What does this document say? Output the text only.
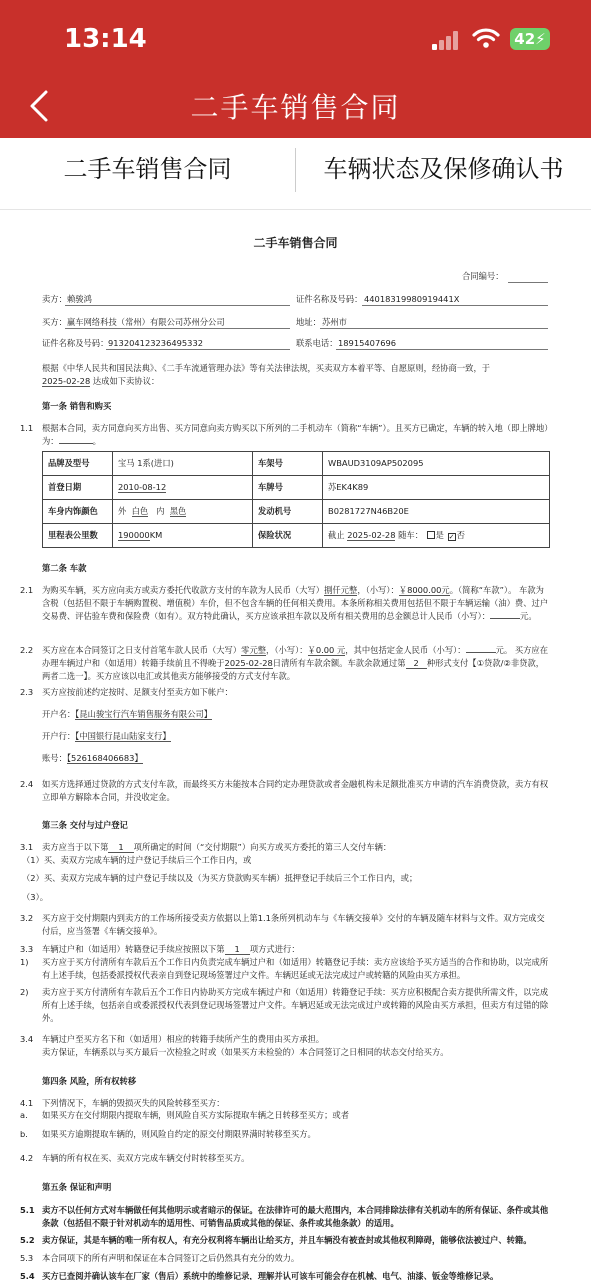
13:14	42⚡
二手车销售合同
二手车销售合同	车辆状态及保修确认书
二手车销售合同
合同编号：
卖方： 赖骏鸿	证件名称及号码： 44018319980919441X
买方： 赢车网络科技（常州）有限公司苏州分公司	地址： 苏州市
证件名称及号码： 913204123236495332	联系电话： 18915407696
根据《中华人民共和国民法典》、《二手车流通管理办法》等有关法律法规，买卖双方本着平等、自愿原则，经协商一致，于
2025-02-28 达成如下卖协议：
第一条 销售和购买
1.1 根据本合同，卖方同意向买方出售、买方同意向卖方购买以下所列的二手机动车（简称“车辆”）。且买方已确定，车辆的转入地（即上牌地）为：	。
品牌及型号	宝马 1系(进口)	车架号	WBAUD3109AP502095
首登日期	2010-08-12	车牌号	苏EK4K89
车身内饰颜色	外 白色 内 黑色	发动机号	B0281727N46B20E
里程表公里数	190000KM	保险状况	截止 2025-02-28 随车： 是 ✓ 否
第二条 车款
2.1 为购买车辆，买方应向卖方或卖方委托代收款方支付的车款为人民币（大写）捌仟元整，（小写）：￥8000.00元。（简称“车款”）。 车款为含税（包括但不限于车辆购置税、增值税）车价，但不包含车辆的任何相关费用。本条所称相关费用包括但不限于车辆运输（油）费、过户交易费、评估验车费和保险费（如有）。双方特此确认，买方应该承担车款以及所有相关费用的总金额总计人民币（小写）：	元。
2.2 买方应在本合同签订之日支付首笔车款人民币（大写）零元整，（小写）：￥0.00 元，其中包括定金人民币（小写）：	元。 买方应在办理车辆过户和（如适用）转籍手续前且不得晚于2025-02-28日清所有车款余额。车款余款通过第 2 种形式支付【①贷款/②非贷款，两者二选一】。买方应该以电汇或其他卖方能够接受的方式支付车款。
2.3 买方应按前述约定按时、足额支付至卖方如下帐户：
开户名：【昆山骏宝行汽车销售服务有限公司】
开户行：【中国银行昆山陆家支行】
账号：【526168406683】
2.4 如买方选择通过贷款的方式支付车款，而最终买方未能按本合同约定办理贷款或者金融机构未足额批准买方申请的汽车消费贷款，卖方有权立即单方解除本合同，并没收定金。
第三条 交付与过户登记
3.1 卖方应当于以下第 1 项所确定的时间（“交付期限”）向买方或买方委托的第三人交付车辆：
（1）买、卖双方完成车辆的过户登记手续后三个工作日内，或
（2）买、卖双方完成车辆的过户登记手续以及（为买方贷款购买车辆）抵押登记手续后三个工作日内，或；
（3）。
3.2 买方应于交付期限内到卖方的工作场所接受卖方依据以上第1.1条所列机动车与《车辆交接单》交付的车辆及随车材料与文件。双方完成交付后，应当签署《车辆交接单》。
3.3 车辆过户和（如适用）转籍登记手续应按照以下第 1 项方式进行：
1) 买方应于买方付清所有车款后五个工作日内负责完成车辆过户和（如适用）转籍登记手续：卖方应该给予买方适当的合作和协助，以完成所有上述手续，包括委派授权代表亲自到登记现场签署过户文件。车辆迟延或无法完成过户或转籍的风险由买方承担。
2) 卖方应于买方付清所有车款后五个工作日内协助买方完成车辆过户和（如适用）转籍登记手续：买方应积极配合卖方提供所需文件，以完成所有上述手续，包括亲自或委派授权代表到登记现场签署过户文件。车辆迟延或无法完成过户或转籍的风险由买方承担，但卖方有过错的除外。
3.4 车辆过户至买方名下和（如适用）相应的转籍手续所产生的费用由买方承担。
卖方保证，车辆系以与买方最后一次检验之时或（如果买方未检验的）本合同签订之日相同的状态交付给买方。
第四条 风险，所有权转移
4.1 下列情况下，车辆的毁损灭失的风险转移至买方：
a. 如果买方在交付期限内提取车辆，则风险自买方实际提取车辆之日转移至买方；或者
b. 如果买方逾期提取车辆的，则风险自约定的原交付期限界满时转移至买方。
4.2 车辆的所有权在买、卖双方完成车辆交付时转移至买方。
第五条 保证和声明
5.1 卖方不以任何方式对车辆做任何其他明示或者暗示的保证。在法律许可的最大范围内，本合同排除法律有关机动车的所有保证、条件或其他条款（包括但不限于针对机动车的适用性、可销售品质或其他的保证、条件或其他条款）的适用。
5.2 卖方保证，其是车辆的唯一所有权人，有充分权利将车辆出让给买方，并且车辆没有被查封或其他权利障碍，能够依法被过户、转籍。
5.3 本合同项下的所有声明和保证在本合同签订之后仍然具有充分的效力。
5.4 买方已查阅并确认该车在厂家（售后）系统中的维修记录，理解并认可该车可能会存在机械、电气、油漆、钣金等维修记录。
